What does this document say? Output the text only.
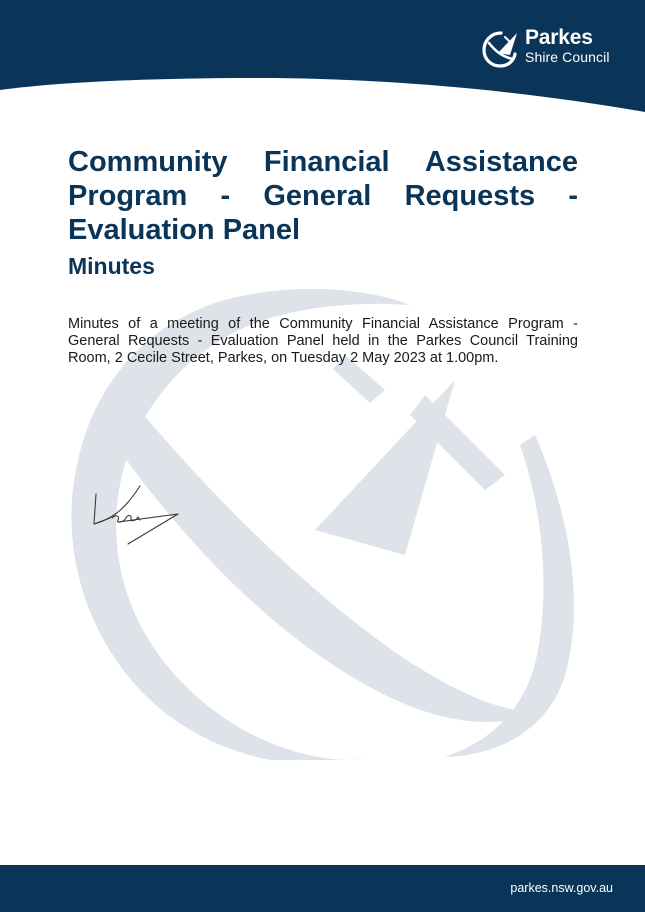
Parkes
Shire Council
Community Financial Assistance Program - General Requests - Evaluation Panel
Minutes

Minutes of a meeting of the Community Financial Assistance Program - General Requests - Evaluation Panel held in the Parkes Council Training Room, 2 Cecile Street, Parkes, on Tuesday 2 May 2023 at 1.00pm.

parkes.nsw.gov.au
